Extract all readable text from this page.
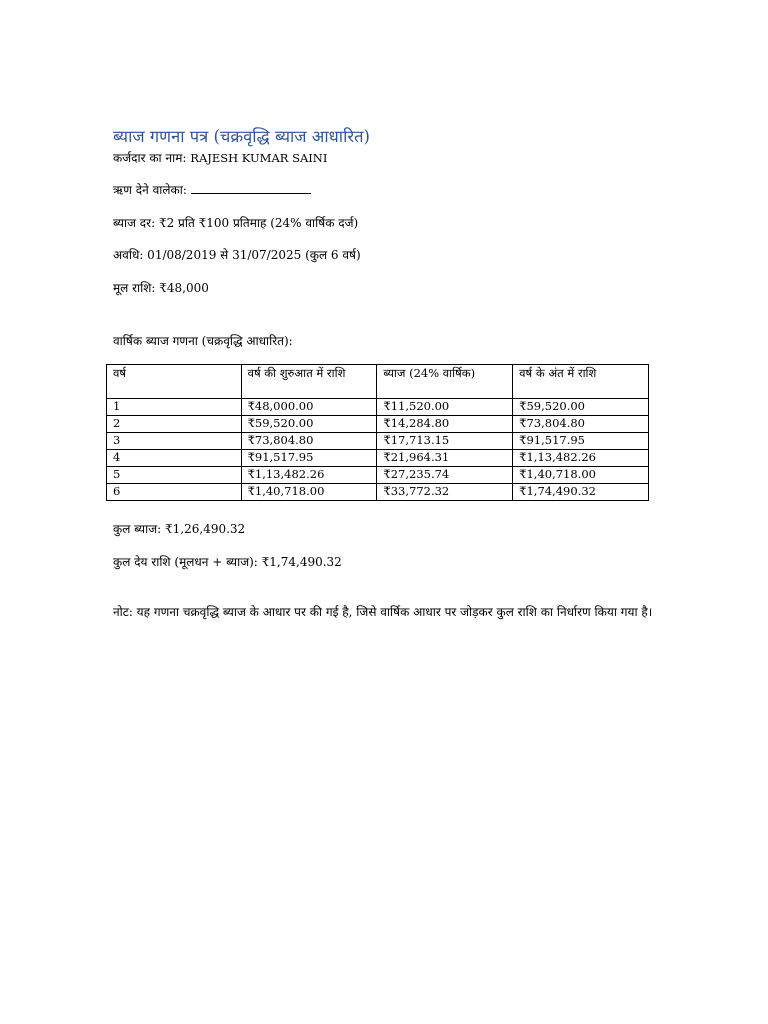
ब्याज गणना पत्र (चक्रवृद्धि ब्याज आधारित)
कर्जदार का नाम: RAJESH KUMAR SAINI
ऋण देने वालेका:
ब्याज दर: ₹2 प्रति ₹100 प्रतिमाह (24% वार्षिक दर्ज)
अवधि: 01/08/2019 से 31/07/2025 (कुल 6 वर्ष)
मूल राशि: ₹48,000
वार्षिक ब्याज गणना (चक्रवृद्धि आधारित):
वर्ष	वर्ष की शुरुआत में राशि	ब्याज (24% वार्षिक)	वर्ष के अंत में राशि
1	₹48,000.00	₹11,520.00	₹59,520.00
2	₹59,520.00	₹14,284.80	₹73,804.80
3	₹73,804.80	₹17,713.15	₹91,517.95
4	₹91,517.95	₹21,964.31	₹1,13,482.26
5	₹1,13,482.26	₹27,235.74	₹1,40,718.00
6	₹1,40,718.00	₹33,772.32	₹1,74,490.32
कुल ब्याज: ₹1,26,490.32
कुल देय राशि (मूलधन + ब्याज): ₹1,74,490.32
नोट: यह गणना चक्रवृद्धि ब्याज के आधार पर की गई है, जिसे वार्षिक आधार पर जोड़कर कुल राशि का निर्धारण किया गया है।
